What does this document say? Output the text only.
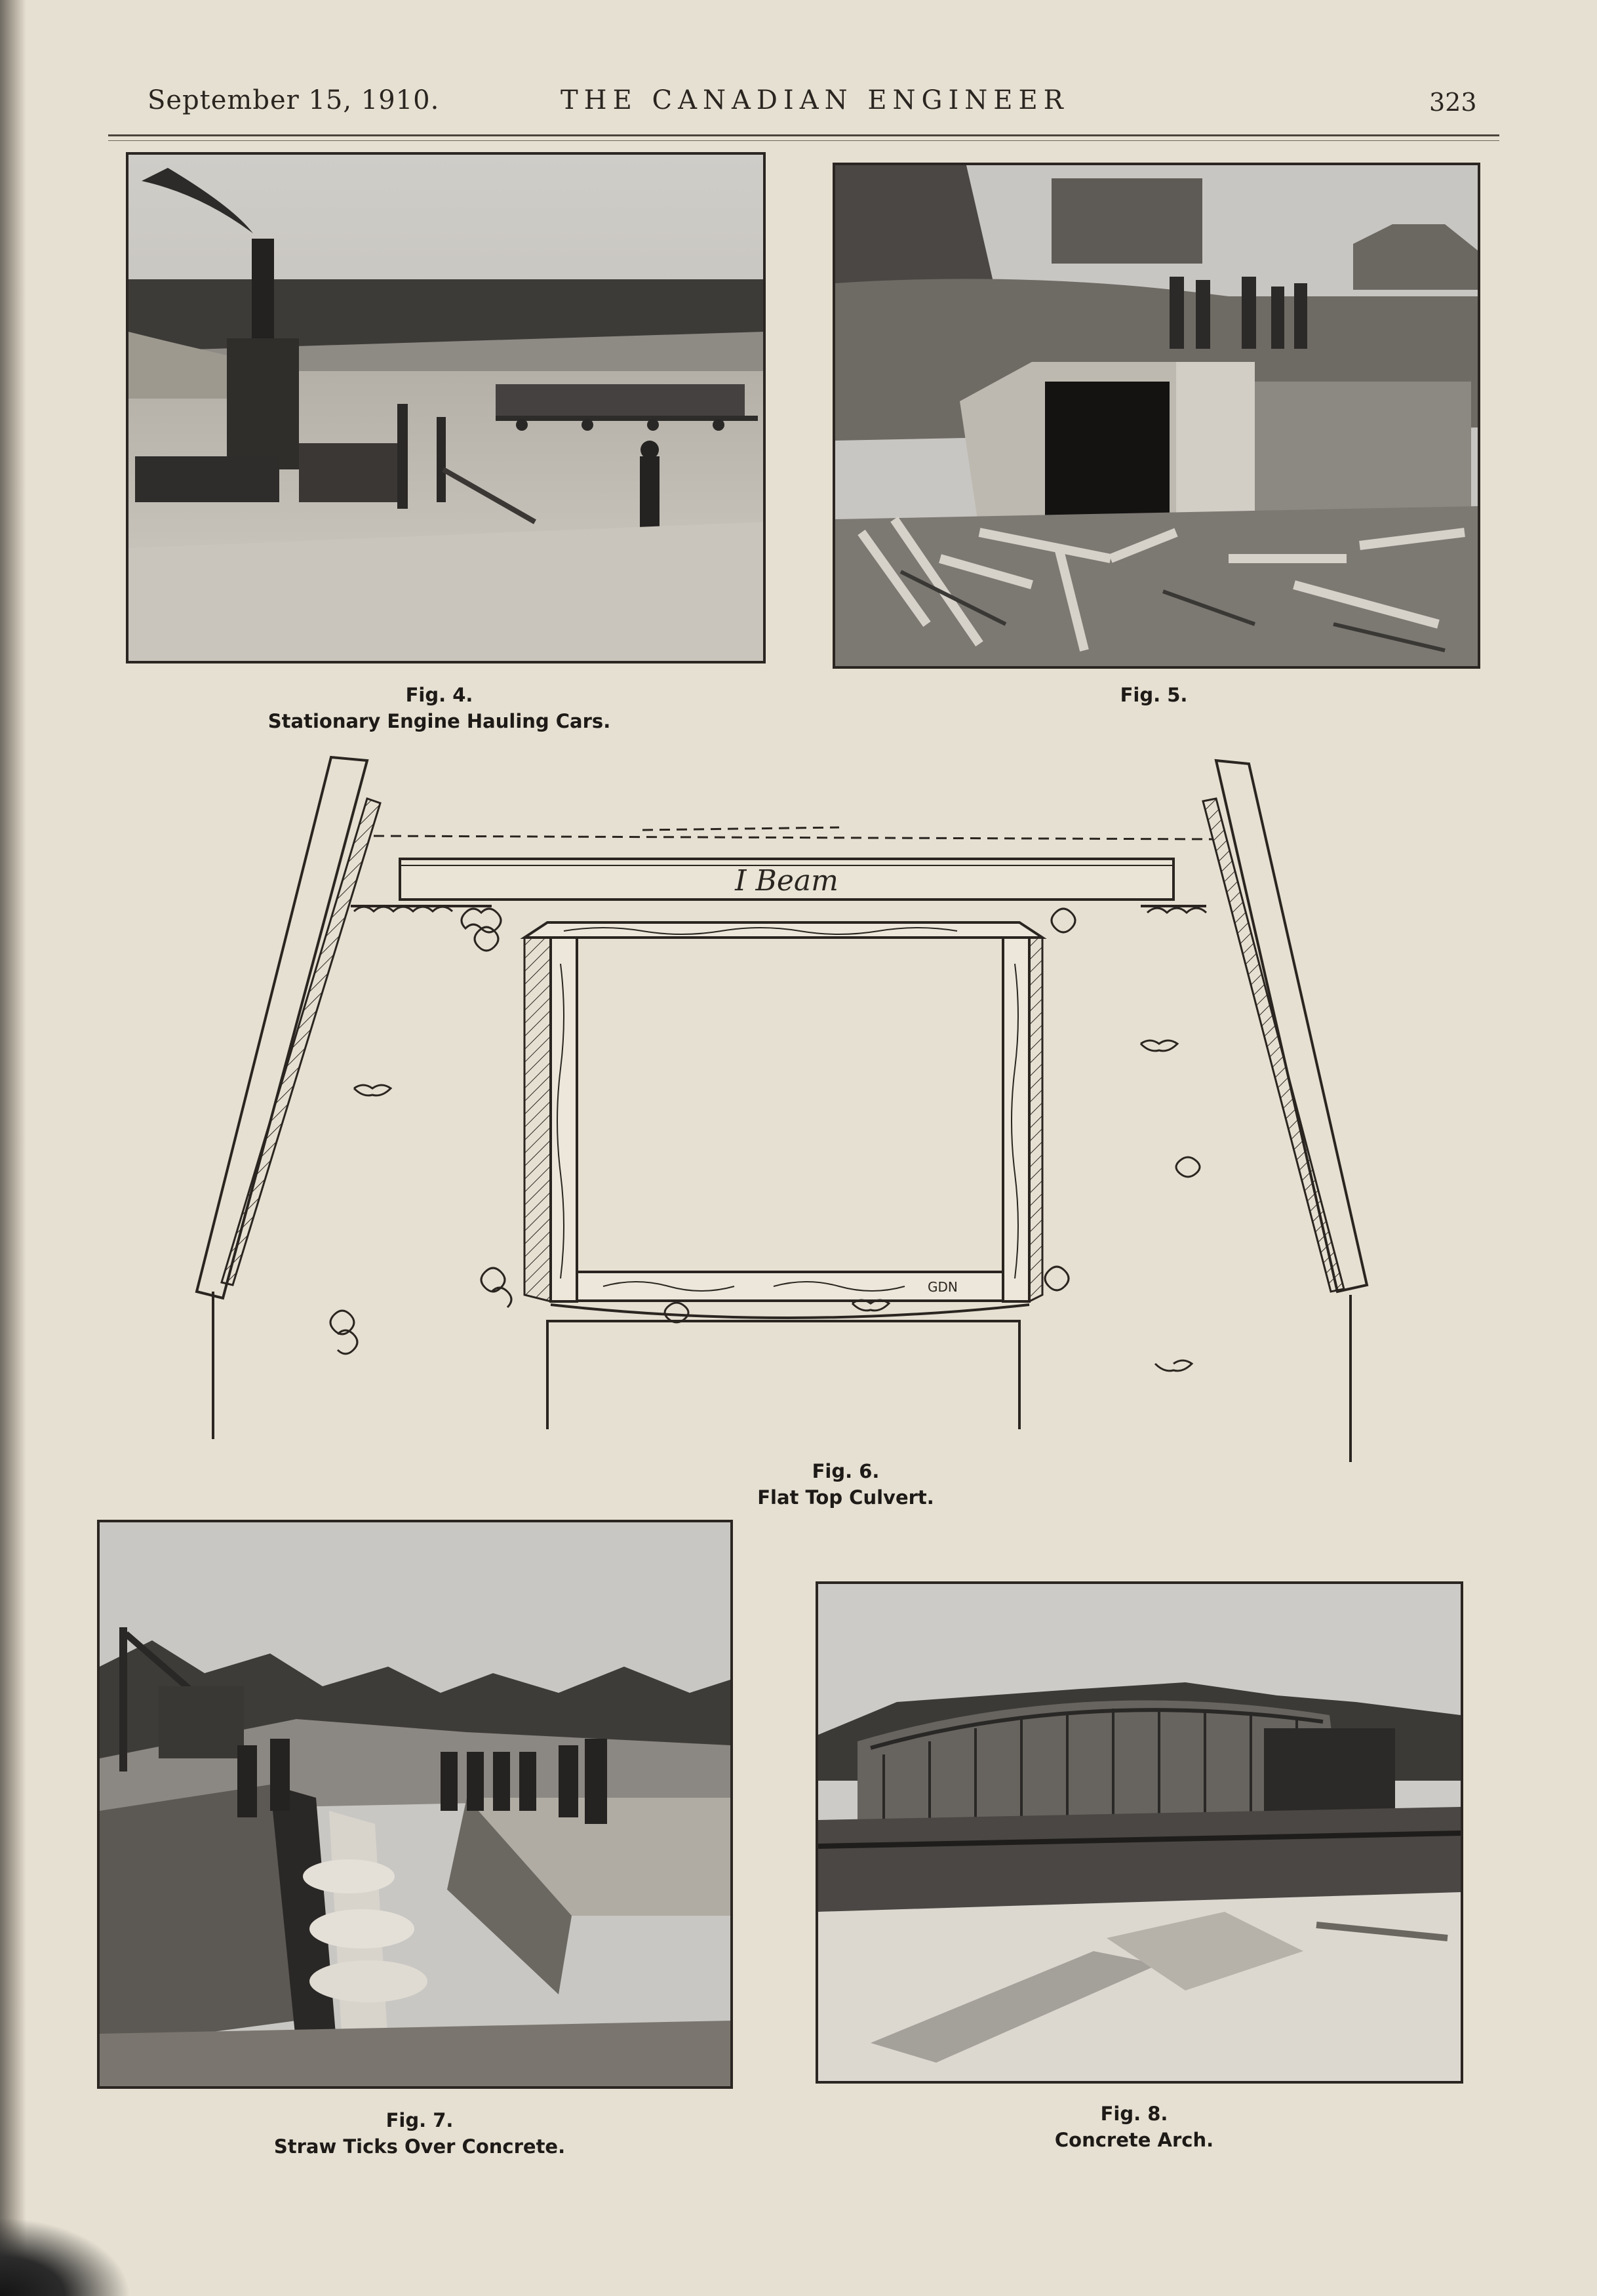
September 15, 1910.	THE CANADIAN ENGINEER	323
Fig. 4.
Stationary Engine Hauling Cars.
Fig. 5.
I Beam
GDN
Fig. 6.
Flat Top Culvert.
Fig. 7.
Straw Ticks Over Concrete.
Fig. 8.
Concrete Arch.
